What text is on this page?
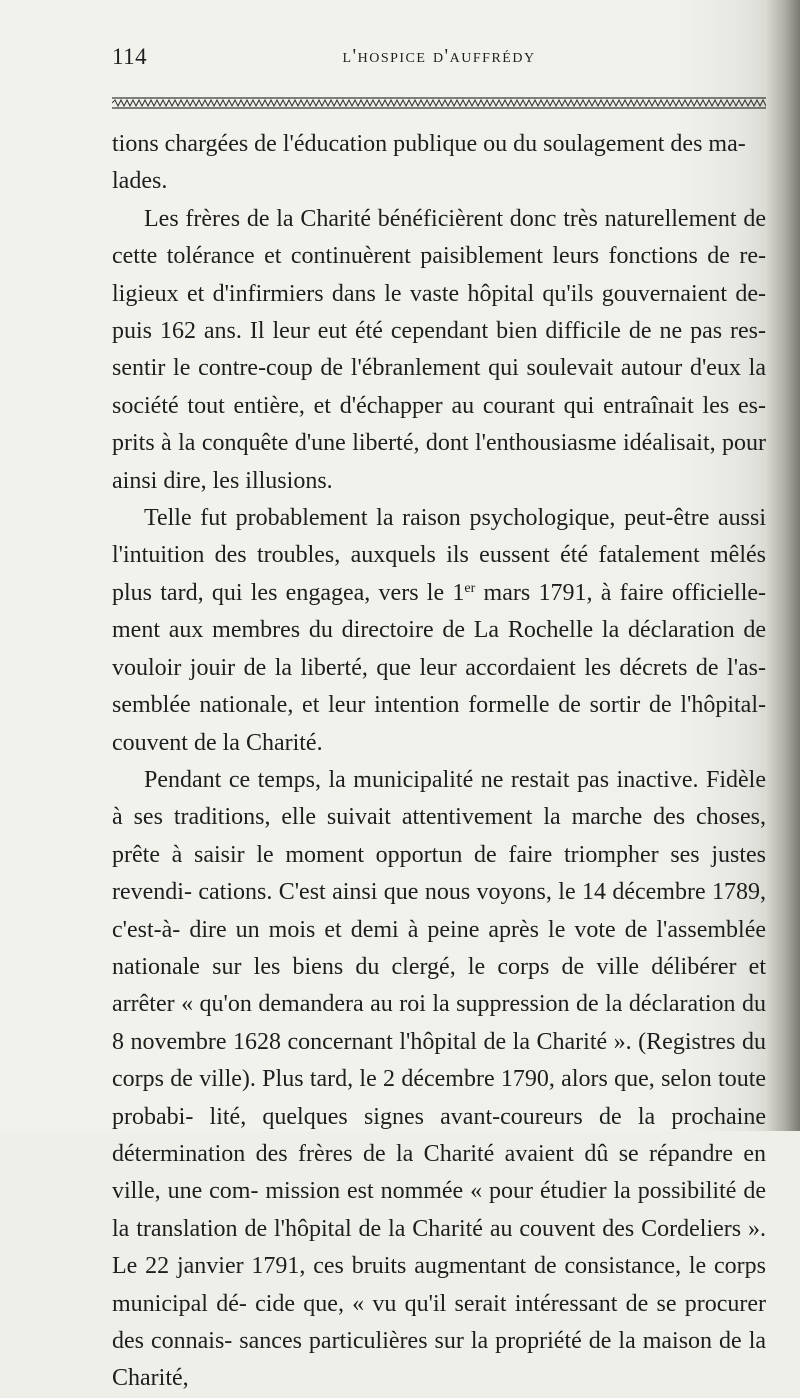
114	l'hospice d'auffrédy

tions chargées de l'éducation publique ou du soulagement des ma-
lades.

Les frères de la Charité bénéficièrent donc très naturellement de cette tolérance et continuèrent paisiblement leurs fonctions de re- ligieux et d'infirmiers dans le vaste hôpital qu'ils gouvernaient de- puis 162 ans. Il leur eut été cependant bien difficile de ne pas res- sentir le contre-coup de l'ébranlement qui soulevait autour d'eux la société tout entière, et d'échapper au courant qui entraînait les es- prits à la conquête d'une liberté, dont l'enthousiasme idéalisait, pour ainsi dire, les illusions.

Telle fut probablement la raison psychologique, peut-être aussi l'intuition des troubles, auxquels ils eussent été fatalement mêlés plus tard, qui les engagea, vers le 1er mars 1791, à faire officielle- ment aux membres du directoire de La Rochelle la déclaration de vouloir jouir de la liberté, que leur accordaient les décrets de l'as- semblée nationale, et leur intention formelle de sortir de l'hôpital- couvent de la Charité.

Pendant ce temps, la municipalité ne restait pas inactive. Fidèle à ses traditions, elle suivait attentivement la marche des choses, prête à saisir le moment opportun de faire triompher ses justes revendi- cations. C'est ainsi que nous voyons, le 14 décembre 1789, c'est-à- dire un mois et demi à peine après le vote de l'assemblée nationale sur les biens du clergé, le corps de ville délibérer et arrêter « qu'on demandera au roi la suppression de la déclaration du 8 novembre 1628 concernant l'hôpital de la Charité ». (Registres du corps de ville). Plus tard, le 2 décembre 1790, alors que, selon toute probabi- lité, quelques signes avant-coureurs de la prochaine détermination des frères de la Charité avaient dû se répandre en ville, une com- mission est nommée « pour étudier la possibilité de la translation de l'hôpital de la Charité au couvent des Cordeliers ». Le 22 janvier 1791, ces bruits augmentant de consistance, le corps municipal dé- cide que, « vu qu'il serait intéressant de se procurer des connais- sances particulières sur la propriété de la maison de la Charité,
